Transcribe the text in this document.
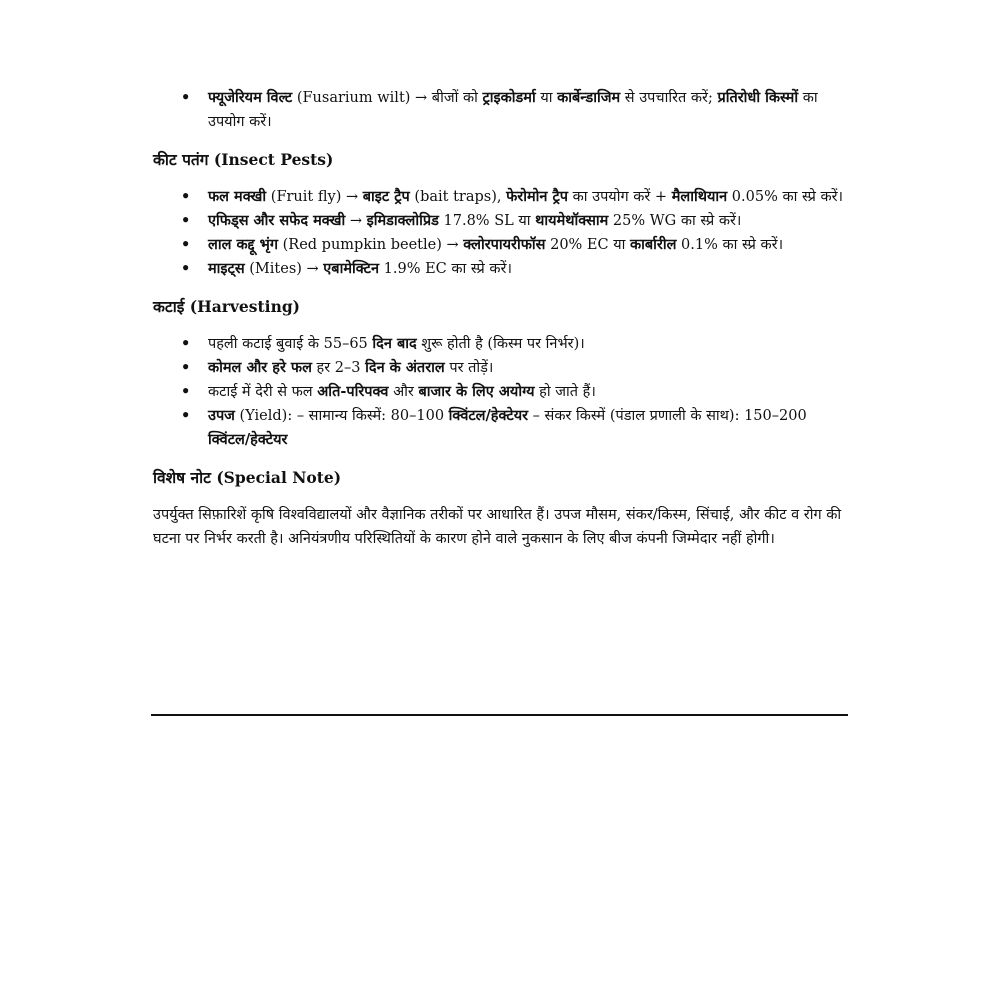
• फ्यूजेरियम विल्ट (Fusarium wilt) → बीजों को ट्राइकोडर्मा या कार्बेन्डाजिम से उपचारित करें; प्रतिरोधी किस्मों का उपयोग करें।
कीट पतंग (Insect Pests)
• फल मक्खी (Fruit fly) → बाइट ट्रैप (bait traps), फेरोमोन ट्रैप का उपयोग करें + मैलाथियान 0.05% का स्प्रे करें।
• एफिड्स और सफेद मक्खी → इमिडाक्लोप्रिड 17.8% SL या थायमेथॉक्साम 25% WG का स्प्रे करें।
• लाल कद्दू भृंग (Red pumpkin beetle) → क्लोरपायरीफॉस 20% EC या कार्बारील 0.1% का स्प्रे करें।
• माइट्स (Mites) → एबामेक्टिन 1.9% EC का स्प्रे करें।
कटाई (Harvesting)
• पहली कटाई बुवाई के 55–65 दिन बाद शुरू होती है (किस्म पर निर्भर)।
• कोमल और हरे फल हर 2–3 दिन के अंतराल पर तोड़ें।
• कटाई में देरी से फल अति-परिपक्व और बाजार के लिए अयोग्य हो जाते हैं।
• उपज (Yield): – सामान्य किस्में: 80–100 क्विंटल/हेक्टेयर – संकर किस्में (पंडाल प्रणाली के साथ): 150–200 क्विंटल/हेक्टेयर
विशेष नोट (Special Note)

उपर्युक्त सिफ़ारिशें कृषि विश्वविद्यालयों और वैज्ञानिक तरीकों पर आधारित हैं। उपज मौसम, संकर/किस्म, सिंचाई, और कीट व रोग की घटना पर निर्भर करती है। अनियंत्रणीय परिस्थितियों के कारण होने वाले नुकसान के लिए बीज कंपनी जिम्मेदार नहीं होगी।
